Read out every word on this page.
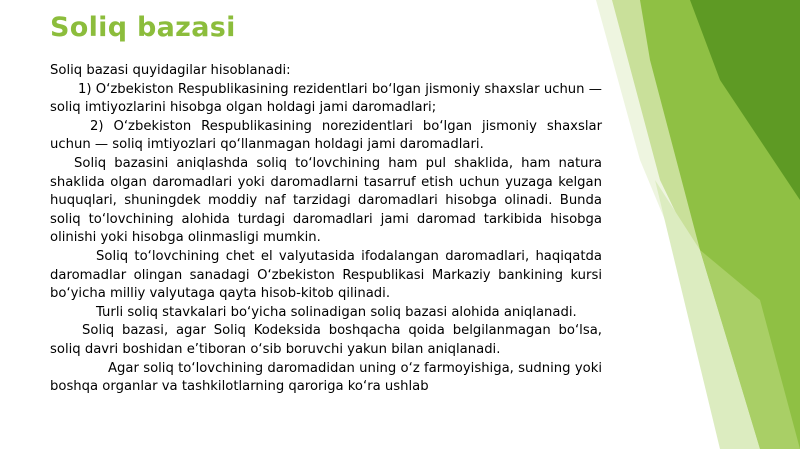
Soliq bazasi

Soliq bazasi quyidagilar hisoblanadi:

1) O‘zbekiston Respublikasining rezidentlari bo‘lgan jismoniy shaxslar uchun —soliq imtiyozlarini hisobga olgan holdagi jami daromadlari;

2) O‘zbekiston Respublikasining norezidentlari bo‘lgan jismoniy shaxslar uchun — soliq imtiyozlari qo‘llanmagan holdagi jami daromadlari.

Soliq bazasini aniqlashda soliq to‘lovchining ham pul shaklida, ham natura shaklida olgan daromadlari yoki daromadlarni tasarruf etish uchun yuzaga kelgan huquqlari, shuningdek moddiy naf tarzidagi daromadlari hisobga olinadi. Bunda soliq to‘lovchining alohida turdagi daromadlari jami daromad tarkibida hisobga olinishi yoki hisobga olinmasligi mumkin.

Soliq to‘lovchining chet el valyutasida ifodalangan daromadlari, haqiqatda daromadlar olingan sanadagi O‘zbekiston Respublikasi Markaziy bankining kursi bo‘yicha milliy valyutaga qayta hisob-kitob qilinadi.

Turli soliq stavkalari bo‘yicha solinadigan soliq bazasi alohida aniqlanadi.

Soliq bazasi, agar Soliq Kodeksida boshqacha qoida belgilanmagan bo‘lsa, soliq davri boshidan e’tiboran o‘sib boruvchi yakun bilan aniqlanadi.

Agar soliq to‘lovchining daromadidan uning o‘z farmoyishiga, sudning yoki boshqa organlar va tashkilotlarning qaroriga ko‘ra ushlab
